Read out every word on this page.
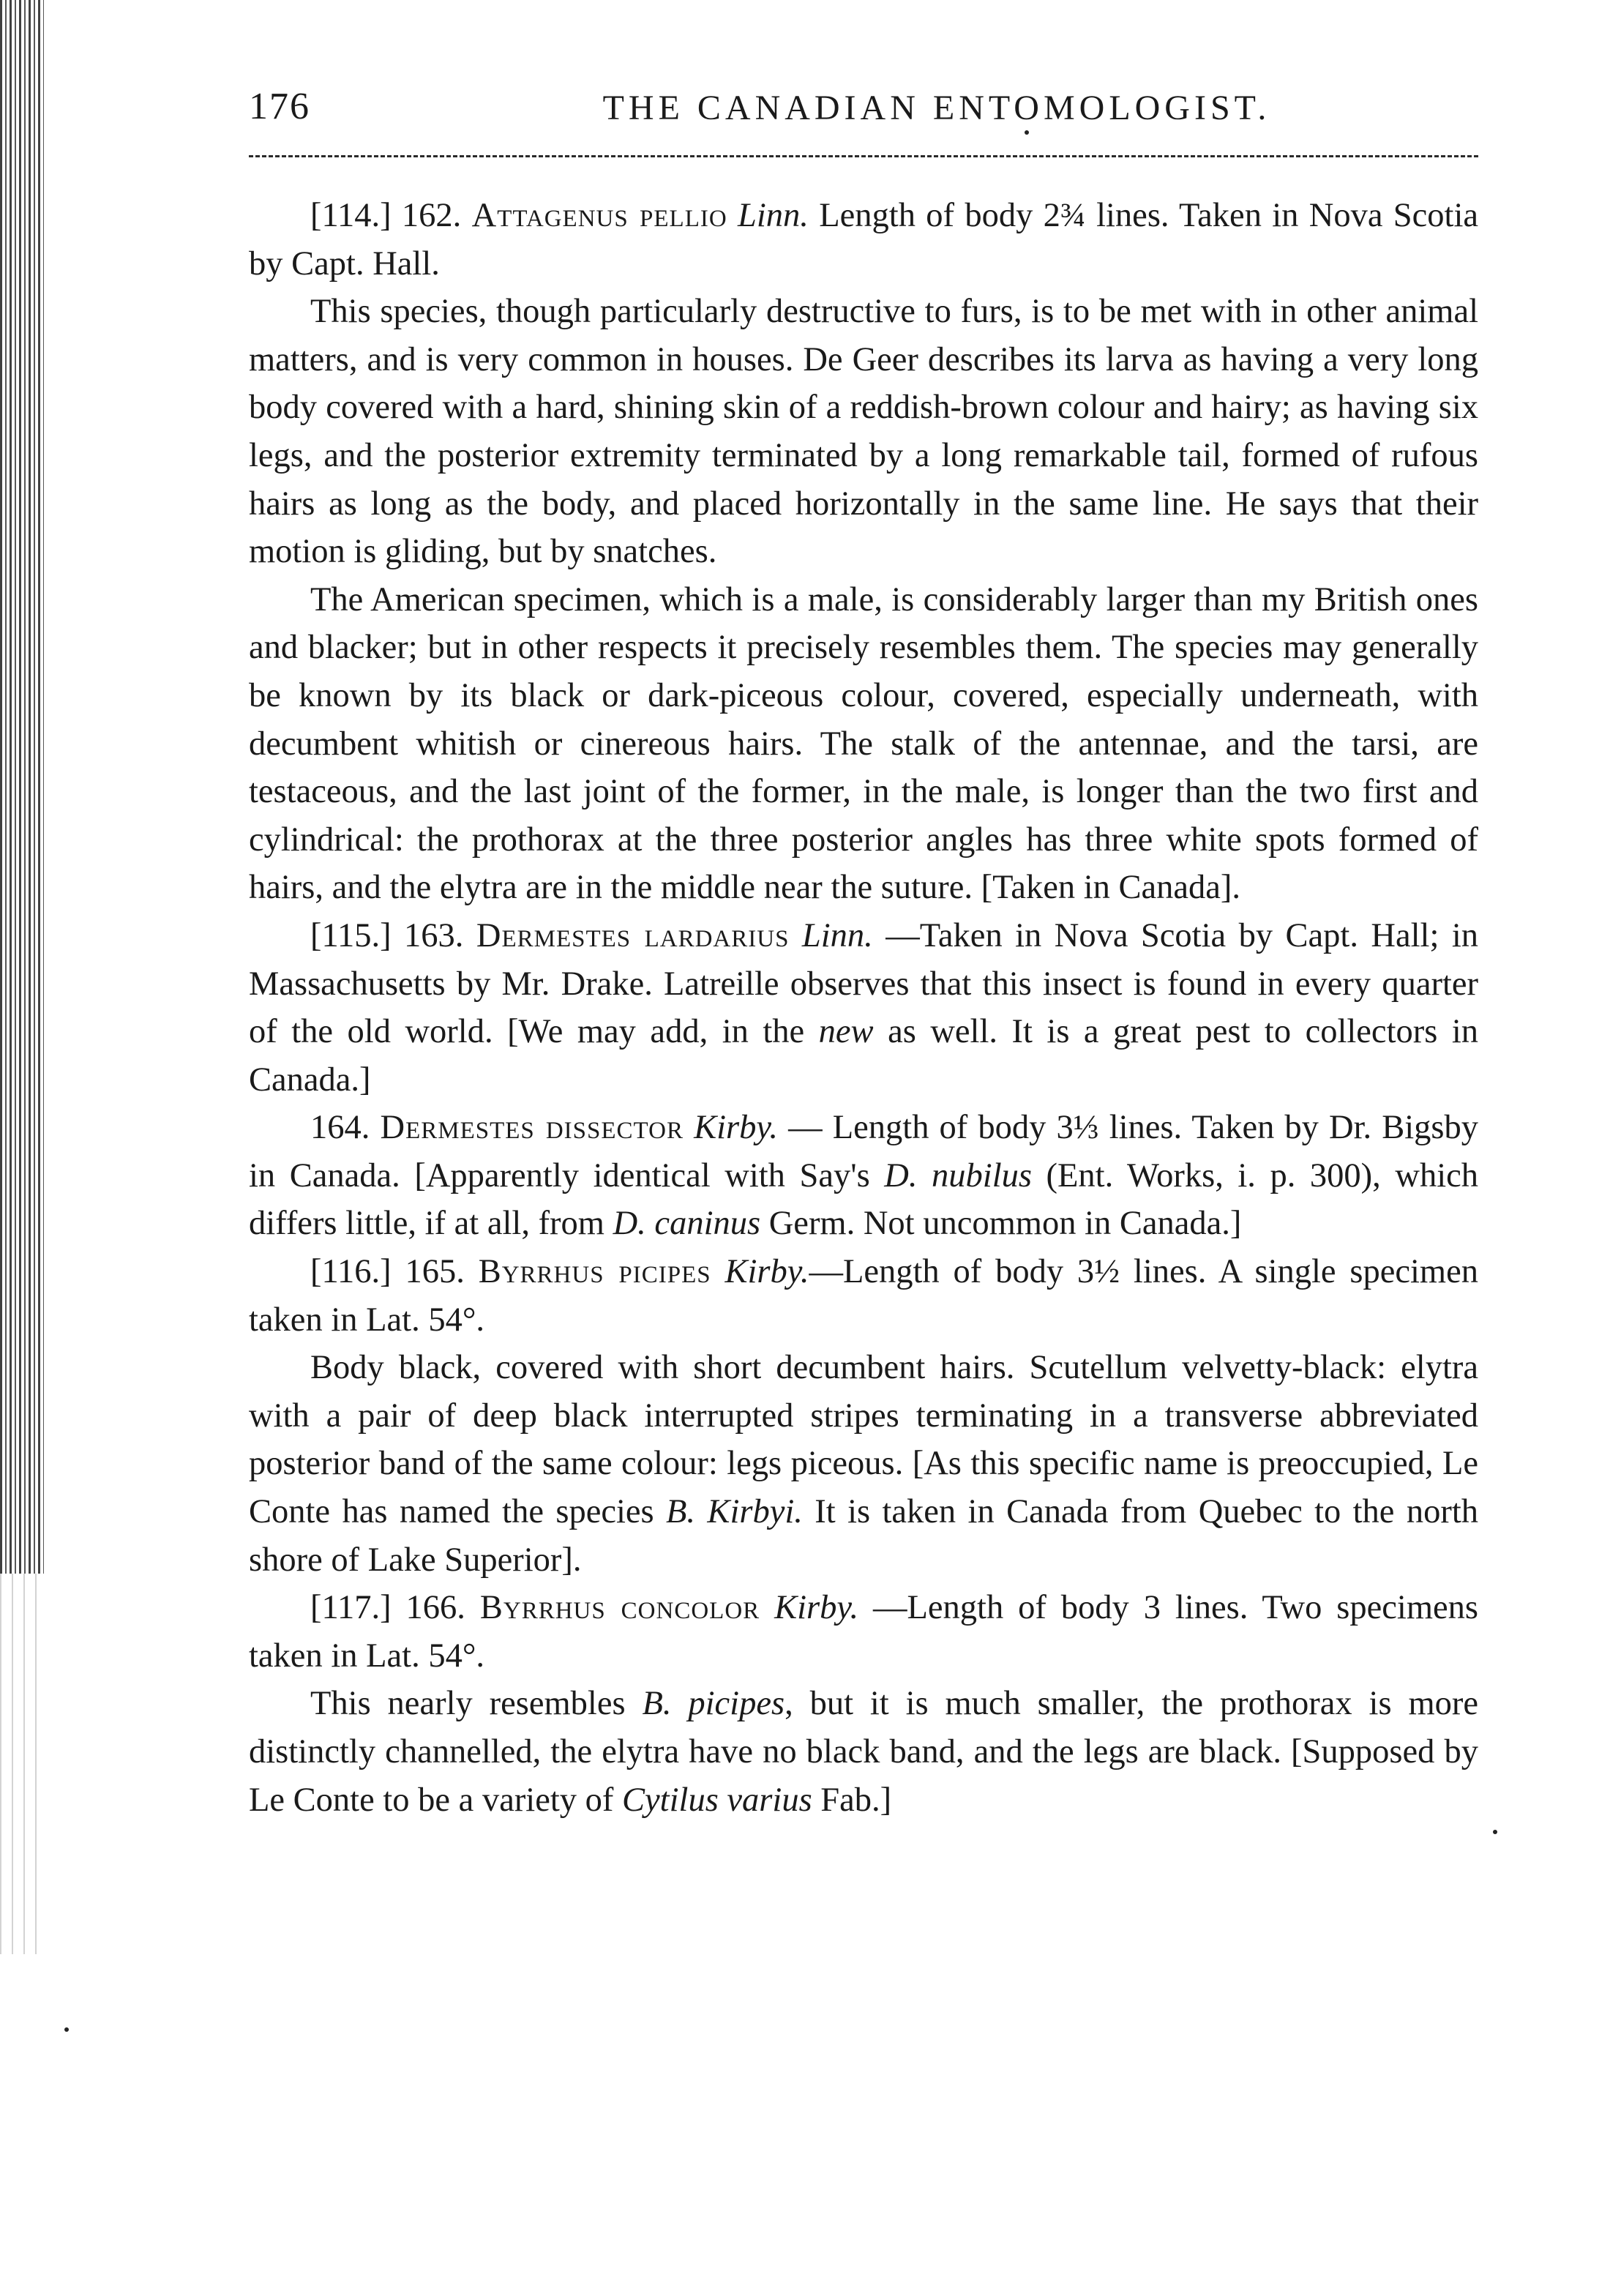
176	THE CANADIAN ENTOMOLOGIST.

[114.] 162. Attagenus pellio Linn. Length of body 2¾ lines. Taken in Nova Scotia by Capt. Hall.

This species, though particularly destructive to furs, is to be met with in other animal matters, and is very common in houses. De Geer describes its larva as having a very long body covered with a hard, shining skin of a reddish-brown colour and hairy; as having six legs, and the posterior extremity terminated by a long remarkable tail, formed of rufous hairs as long as the body, and placed horizontally in the same line. He says that their motion is gliding, but by snatches.

The American specimen, which is a male, is considerably larger than my British ones and blacker; but in other respects it precisely resembles them. The species may generally be known by its black or dark-piceous colour, covered, especially underneath, with decumbent whitish or cinereous hairs. The stalk of the antennae, and the tarsi, are testaceous, and the last joint of the former, in the male, is longer than the two first and cylindrical: the prothorax at the three posterior angles has three white spots formed of hairs, and the elytra are in the middle near the suture. [Taken in Canada].

[115.] 163. Dermestes lardarius Linn. —Taken in Nova Scotia by Capt. Hall; in Massachusetts by Mr. Drake. Latreille observes that this insect is found in every quarter of the old world. [We may add, in the new as well. It is a great pest to collectors in Canada.]

164. Dermestes dissector Kirby. — Length of body 3⅓ lines. Taken by Dr. Bigsby in Canada. [Apparently identical with Say's D. nubilus (Ent. Works, i. p. 300), which differs little, if at all, from D. caninus Germ. Not uncommon in Canada.]

[116.] 165. Byrrhus picipes Kirby.—Length of body 3½ lines. A single specimen taken in Lat. 54°.

Body black, covered with short decumbent hairs. Scutellum velvetty-black: elytra with a pair of deep black interrupted stripes terminating in a transverse abbreviated posterior band of the same colour: legs piceous. [As this specific name is preoccupied, Le Conte has named the species B. Kirbyi. It is taken in Canada from Quebec to the north shore of Lake Superior].

[117.] 166. Byrrhus concolor Kirby. —Length of body 3 lines. Two specimens taken in Lat. 54°.

This nearly resembles B. picipes, but it is much smaller, the prothorax is more distinctly channelled, the elytra have no black band, and the legs are black. [Supposed by Le Conte to be a variety of Cytilus varius Fab.]
